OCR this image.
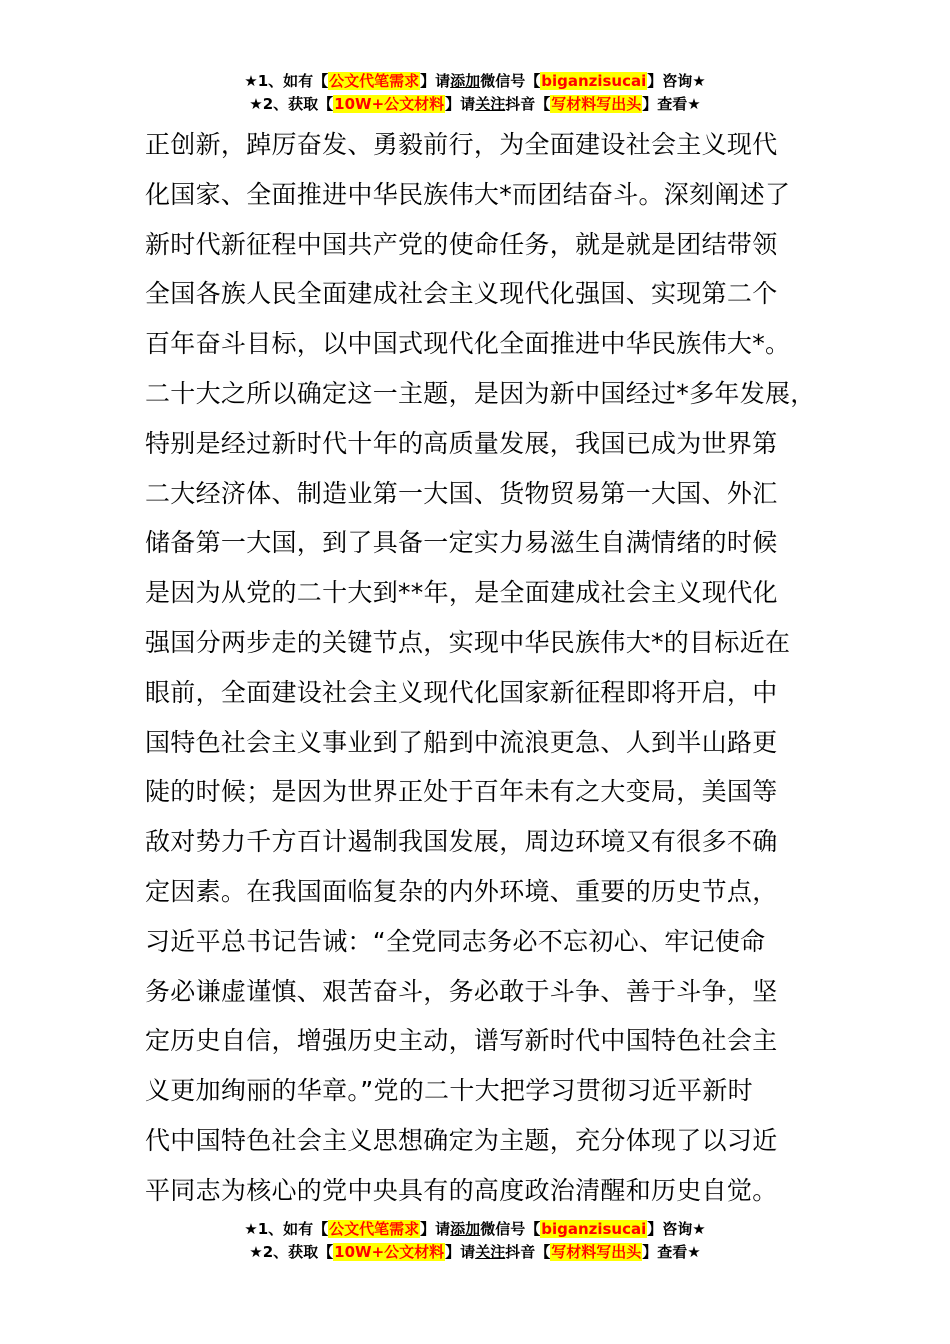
★1、如有【公文代笔需求】请添加微信号【biganzisucai】咨询★
★2、获取【10W+公文材料】请关注抖音【写材料写出头】查看★
正创新，踔厉奋发、勇毅前行，为全面建设社会主义现代
化国家、全面推进中华民族伟大*而团结奋斗。深刻阐述了
新时代新征程中国共产党的使命任务，就是就是团结带领
全国各族人民全面建成社会主义现代化强国、实现第二个
百年奋斗目标，以中国式现代化全面推进中华民族伟大*。
二十大之所以确定这一主题，是因为新中国经过*多年发展，
特别是经过新时代十年的高质量发展，我国已成为世界第
二大经济体、制造业第一大国、货物贸易第一大国、外汇
储备第一大国，到了具备一定实力易滋生自满情绪的时候
是因为从党的二十大到**年，是全面建成社会主义现代化
强国分两步走的关键节点，实现中华民族伟大*的目标近在
眼前，全面建设社会主义现代化国家新征程即将开启，中
国特色社会主义事业到了船到中流浪更急、人到半山路更
陡的时候；是因为世界正处于百年未有之大变局，美国等
敌对势力千方百计遏制我国发展，周边环境又有很多不确
定因素。在我国面临复杂的内外环境、重要的历史节点，
习近平总书记告诫：“全党同志务必不忘初心、牢记使命
务必谦虚谨慎、艰苦奋斗，务必敢于斗争、善于斗争，坚
定历史自信，增强历史主动，谱写新时代中国特色社会主
义更加绚丽的华章。”党的二十大把学习贯彻习近平新时
代中国特色社会主义思想确定为主题，充分体现了以习近
平同志为核心的党中央具有的高度政治清醒和历史自觉。
★1、如有【公文代笔需求】请添加微信号【biganzisucai】咨询★
★2、获取【10W+公文材料】请关注抖音【写材料写出头】查看★
